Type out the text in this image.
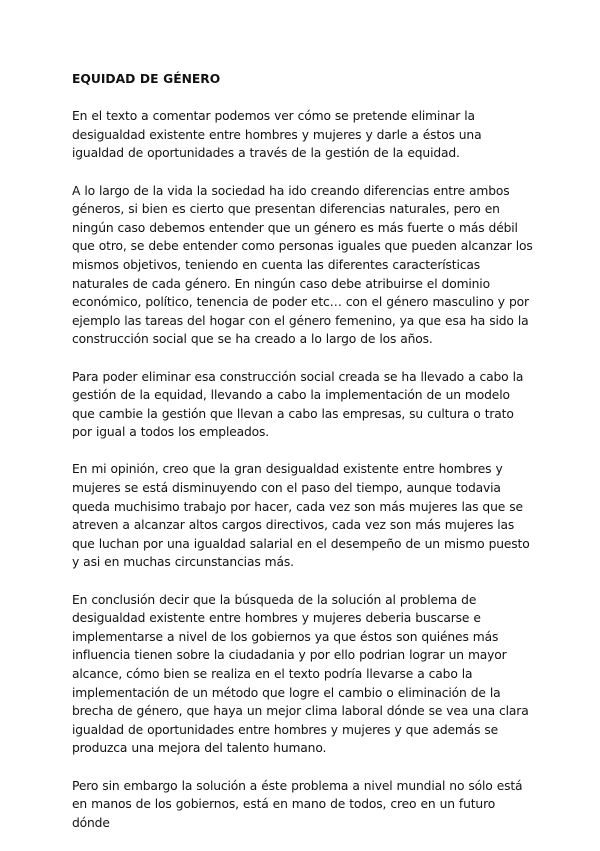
EQUIDAD DE GÉNERO

En el texto a comentar podemos ver cómo se pretende eliminar la desigualdad existente entre hombres y mujeres y darle a éstos una igualdad de oportunidades a través de la gestión de la equidad.

A lo largo de la vida la sociedad ha ido creando diferencias entre ambos géneros, si bien es cierto que presentan diferencias naturales, pero en ningún caso debemos entender que un género es más fuerte o más débil que otro, se debe entender como personas iguales que pueden alcanzar los mismos objetivos, teniendo en cuenta las diferentes características naturales de cada género. En ningún caso debe atribuirse el dominio económico, político, tenencia de poder etc… con el género masculino y por ejemplo las tareas del hogar con el género femenino, ya que esa ha sido la construcción social que se ha creado a lo largo de los años.

Para poder eliminar esa construcción social creada se ha llevado a cabo la gestión de la equidad, llevando a cabo la implementación de un modelo que cambie la gestión que llevan a cabo las empresas, su cultura o trato por igual a todos los empleados.

En mi opinión, creo que la gran desigualdad existente entre hombres y mujeres se está disminuyendo con el paso del tiempo, aunque todavia queda muchisimo trabajo por hacer, cada vez son más mujeres las que se atreven a alcanzar altos cargos directivos, cada vez son más mujeres las que luchan por una igualdad salarial en el desempeño de un mismo puesto y asi en muchas circunstancias más.

En conclusión decir que la búsqueda de la solución al problema de desigualdad existente entre hombres y mujeres deberia buscarse e implementarse a nivel de los gobiernos ya que éstos son quiénes más influencia tienen sobre la ciudadania y por ello podrian lograr un mayor alcance, cómo bien se realiza en el texto podría llevarse a cabo la implementación de un método que logre el cambio o eliminación de la brecha de género, que haya un mejor clima laboral dónde se vea una clara igualdad de oportunidades entre hombres y mujeres y que además se produzca una mejora del talento humano.

Pero sin embargo la solución a éste problema a nivel mundial no sólo está en manos de los gobiernos, está en mano de todos, creo en un futuro dónde
